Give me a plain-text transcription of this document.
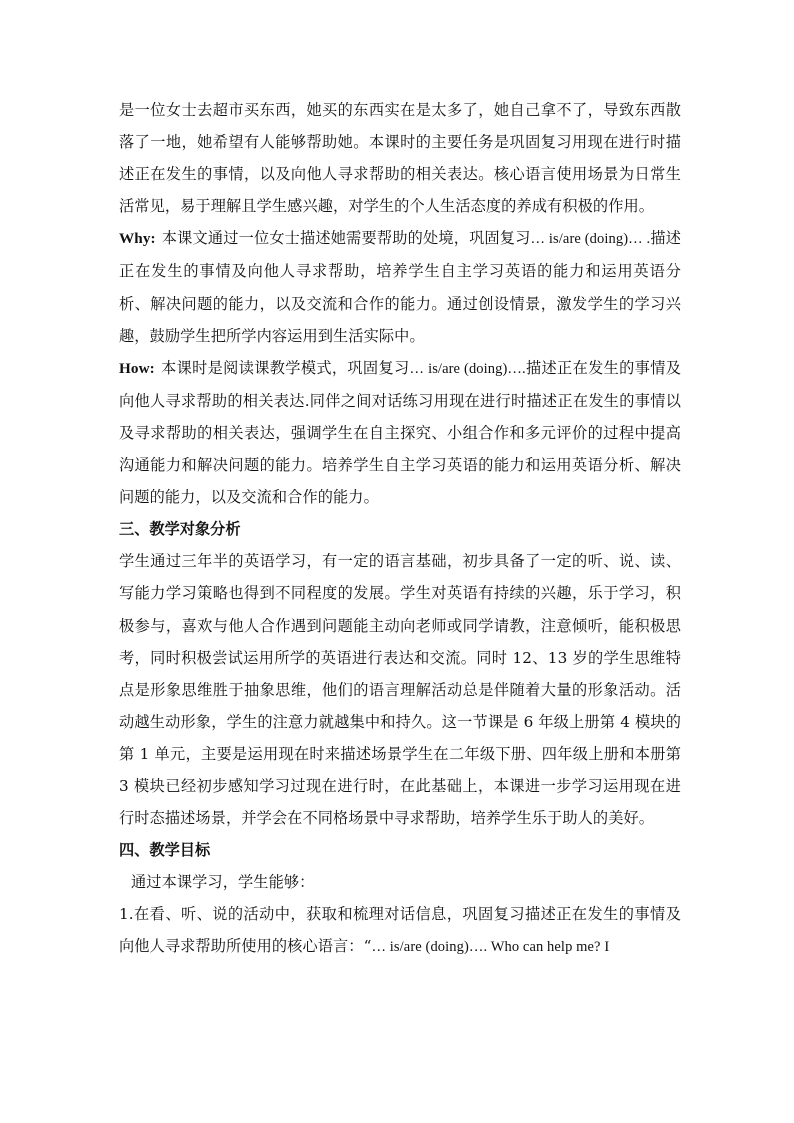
是一位女士去超市买东西，她买的东西实在是太多了，她自己拿不了，导致东西散落了一地，她希望有人能够帮助她。本课时的主要任务是巩固复习用现在进行时描述正在发生的事情，以及向他人寻求帮助的相关表达。核心语言使用场景为日常生活常见，易于理解且学生感兴趣，对学生的个人生活态度的养成有积极的作用。

Why: 本课文通过一位女士描述她需要帮助的处境，巩固复习… is/are (doing)… .描述正在发生的事情及向他人寻求帮助，培养学生自主学习英语的能力和运用英语分析、解决问题的能力，以及交流和合作的能力。通过创设情景，激发学生的学习兴趣，鼓励学生把所学内容运用到生活实际中。

How: 本课时是阅读课教学模式，巩固复习… is/are (doing)….描述正在发生的事情及向他人寻求帮助的相关表达.同伴之间对话练习用现在进行时描述正在发生的事情以及寻求帮助的相关表达，强调学生在自主探究、小组合作和多元评价的过程中提高沟通能力和解决问题的能力。培养学生自主学习英语的能力和运用英语分析、解决问题的能力，以及交流和合作的能力。

三、教学对象分析

学生通过三年半的英语学习，有一定的语言基础，初步具备了一定的听、说、读、写能力学习策略也得到不同程度的发展。学生对英语有持续的兴趣，乐于学习，积极参与，喜欢与他人合作遇到问题能主动向老师或同学请教，注意倾听，能积极思考，同时积极尝试运用所学的英语进行表达和交流。同时 12、13 岁的学生思维特点是形象思维胜于抽象思维，他们的语言理解活动总是伴随着大量的形象活动。活动越生动形象，学生的注意力就越集中和持久。这一节课是 6 年级上册第 4 模块的第 1 单元，主要是运用现在时来描述场景学生在二年级下册、四年级上册和本册第 3 模块已经初步感知学习过现在进行时，在此基础上，本课进一步学习运用现在进行时态描述场景，并学会在不同格场景中寻求帮助，培养学生乐于助人的美好。

四、教学目标

通过本课学习，学生能够：

1.在看、听、说的活动中，获取和梳理对话信息，巩固复习描述正在发生的事情及向他人寻求帮助所使用的核心语言：“… is/are (doing)…. Who can help me? I
